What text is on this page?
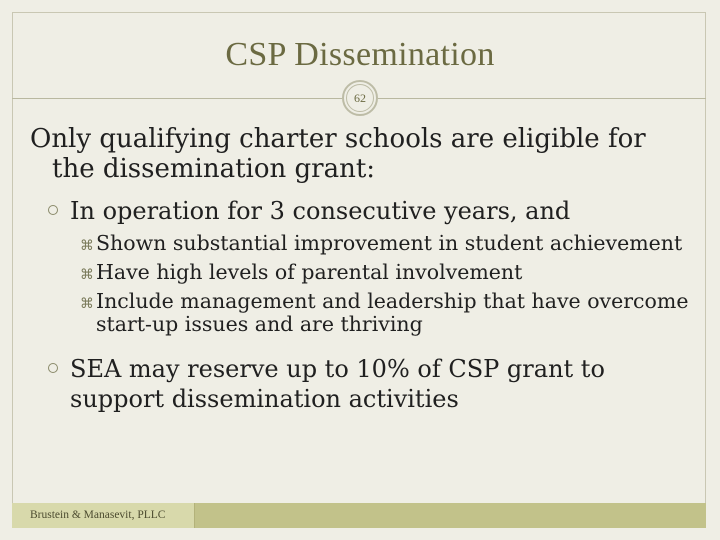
CSP Dissemination
62

Only qualifying charter schools are eligible for the dissemination grant:

In operation for 3 consecutive years, and
⌘ Shown substantial improvement in student achievement
⌘ Have high levels of parental involvement
⌘ Include management and leadership that have overcome start-up issues and are thriving
SEA may reserve up to 10% of CSP grant to support dissemination activities
Brustein & Manasevit, PLLC
